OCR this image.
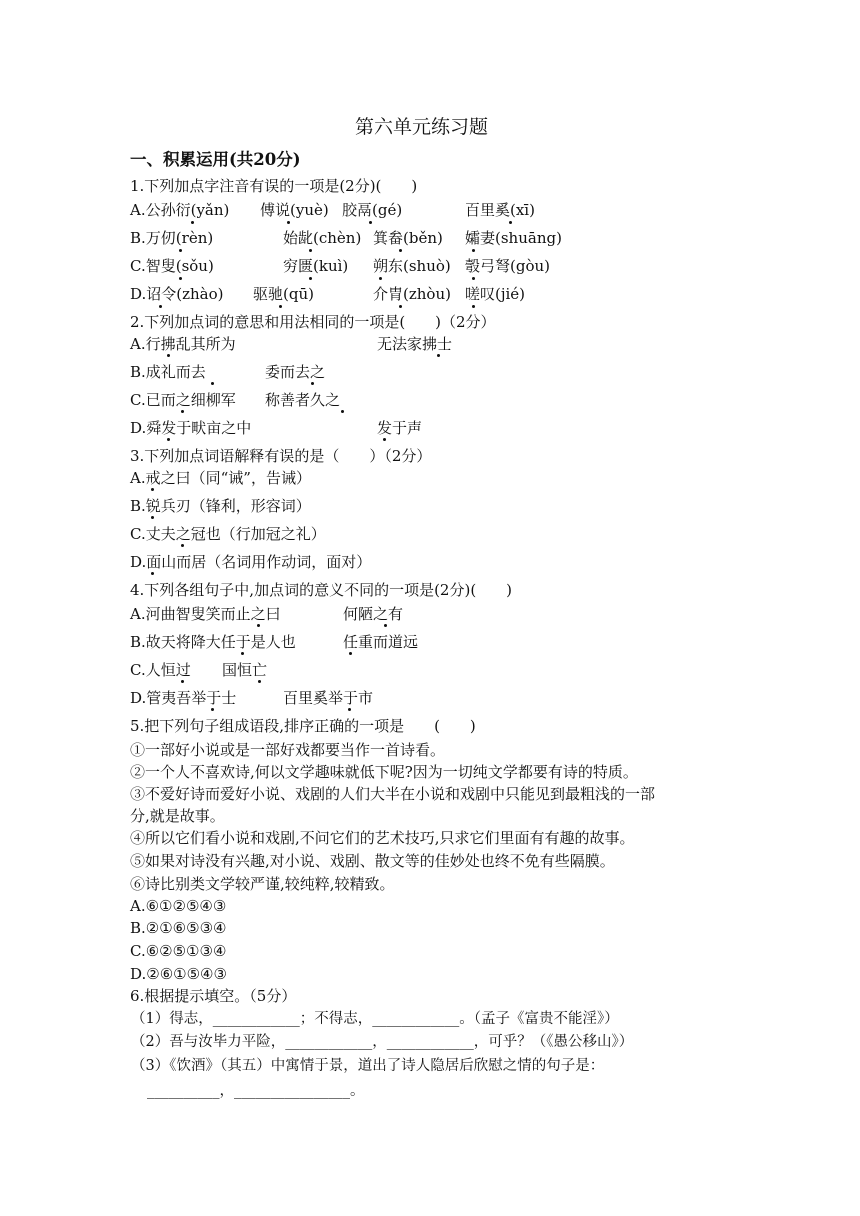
第六单元练习题
一、积累运用(共20分)
1.下列加点字注音有误的一项是(2分)(　　)
A.公孙衍(yǎn) 傅说(yuè) 胶鬲(gé)	百里奚(xī)
B.万仞(rèn)	始龀(chèn) 箕畚(běn) 孀妻(shuāng)
C.智叟(sǒu)	穷匮(kuì) 朔东(shuò) 彀弓弩(gòu)
D.诏令(zhào) 驱驰(qū)	介胄(zhòu) 嗟叹(jié)
2.下列加点词的意思和用法相同的一项是(　　)（2分）
A.行拂乱其所为	无法家拂士
B.成礼而去	委而去之
C.已而之细柳军 称善者久之
D.舜发于畎亩之中	发于声
3.下列加点词语解释有误的是（　　）（2分）
A.戒之曰（同“诫”，告诫）
B.锐兵刃（锋利，形容词）
C.丈夫之冠也（行加冠之礼）
D.面山而居（名词用作动词，面对）
4.下列各组句子中,加点词的意义不同的一项是(2分)(　　)
A.河曲智叟笑而止之曰	何陋之有
B.故天将降大任于是人也	任重而道远
C.人恒过 国恒亡
D.管夷吾举于士	百里奚举于市
5.把下列句子组成语段,排序正确的一项是　　(　　)
①一部好小说或是一部好戏都要当作一首诗看。
②一个人不喜欢诗,何以文学趣味就低下呢?因为一切纯文学都要有诗的特质。
③不爱好诗而爱好小说、戏剧的人们大半在小说和戏剧中只能见到最粗浅的一部
分,就是故事。
④所以它们看小说和戏剧,不问它们的艺术技巧,只求它们里面有有趣的故事。
⑤如果对诗没有兴趣,对小说、戏剧、散文等的佳妙处也终不免有些隔膜。
⑥诗比别类文学较严谨,较纯粹,较精致。
A.⑥①②⑤④③
B.②①⑥⑤③④
C.⑥②⑤①③④
D.②⑥①⑤④③
6.根据提示填空。（5分）
（1）得志，____________；不得志，____________。（孟子《富贵不能淫》）
（2）吾与汝毕力平险，____________，____________，可乎？（《愚公移山》）
（3）《饮酒》（其五）中寓情于景，道出了诗人隐居后欣慰之情的句子是：
__________，________________。
